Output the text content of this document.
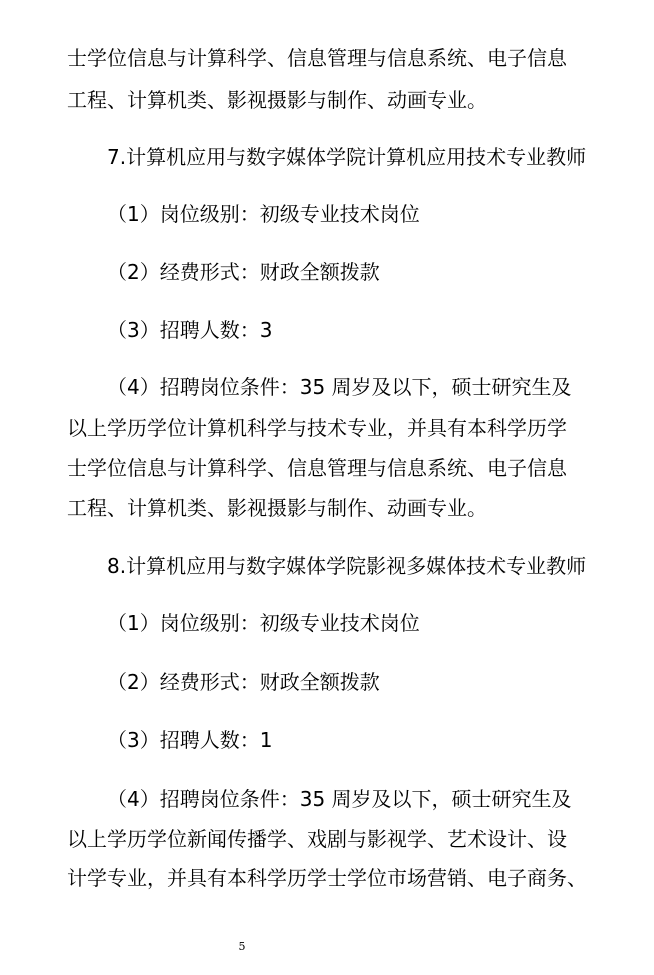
士学位信息与计算科学、信息管理与信息系统、电子信息
工程、计算机类、影视摄影与制作、动画专业。
7.计算机应用与数字媒体学院计算机应用技术专业教师
（1）岗位级别：初级专业技术岗位
（2）经费形式：财政全额拨款
（3）招聘人数：3
（4）招聘岗位条件：35 周岁及以下，硕士研究生及
以上学历学位计算机科学与技术专业，并具有本科学历学
士学位信息与计算科学、信息管理与信息系统、电子信息
工程、计算机类、影视摄影与制作、动画专业。
8.计算机应用与数字媒体学院影视多媒体技术专业教师
（1）岗位级别：初级专业技术岗位
（2）经费形式：财政全额拨款
（3）招聘人数：1
（4）招聘岗位条件：35 周岁及以下，硕士研究生及
以上学历学位新闻传播学、戏剧与影视学、艺术设计、设
计学专业，并具有本科学历学士学位市场营销、电子商务、
5
